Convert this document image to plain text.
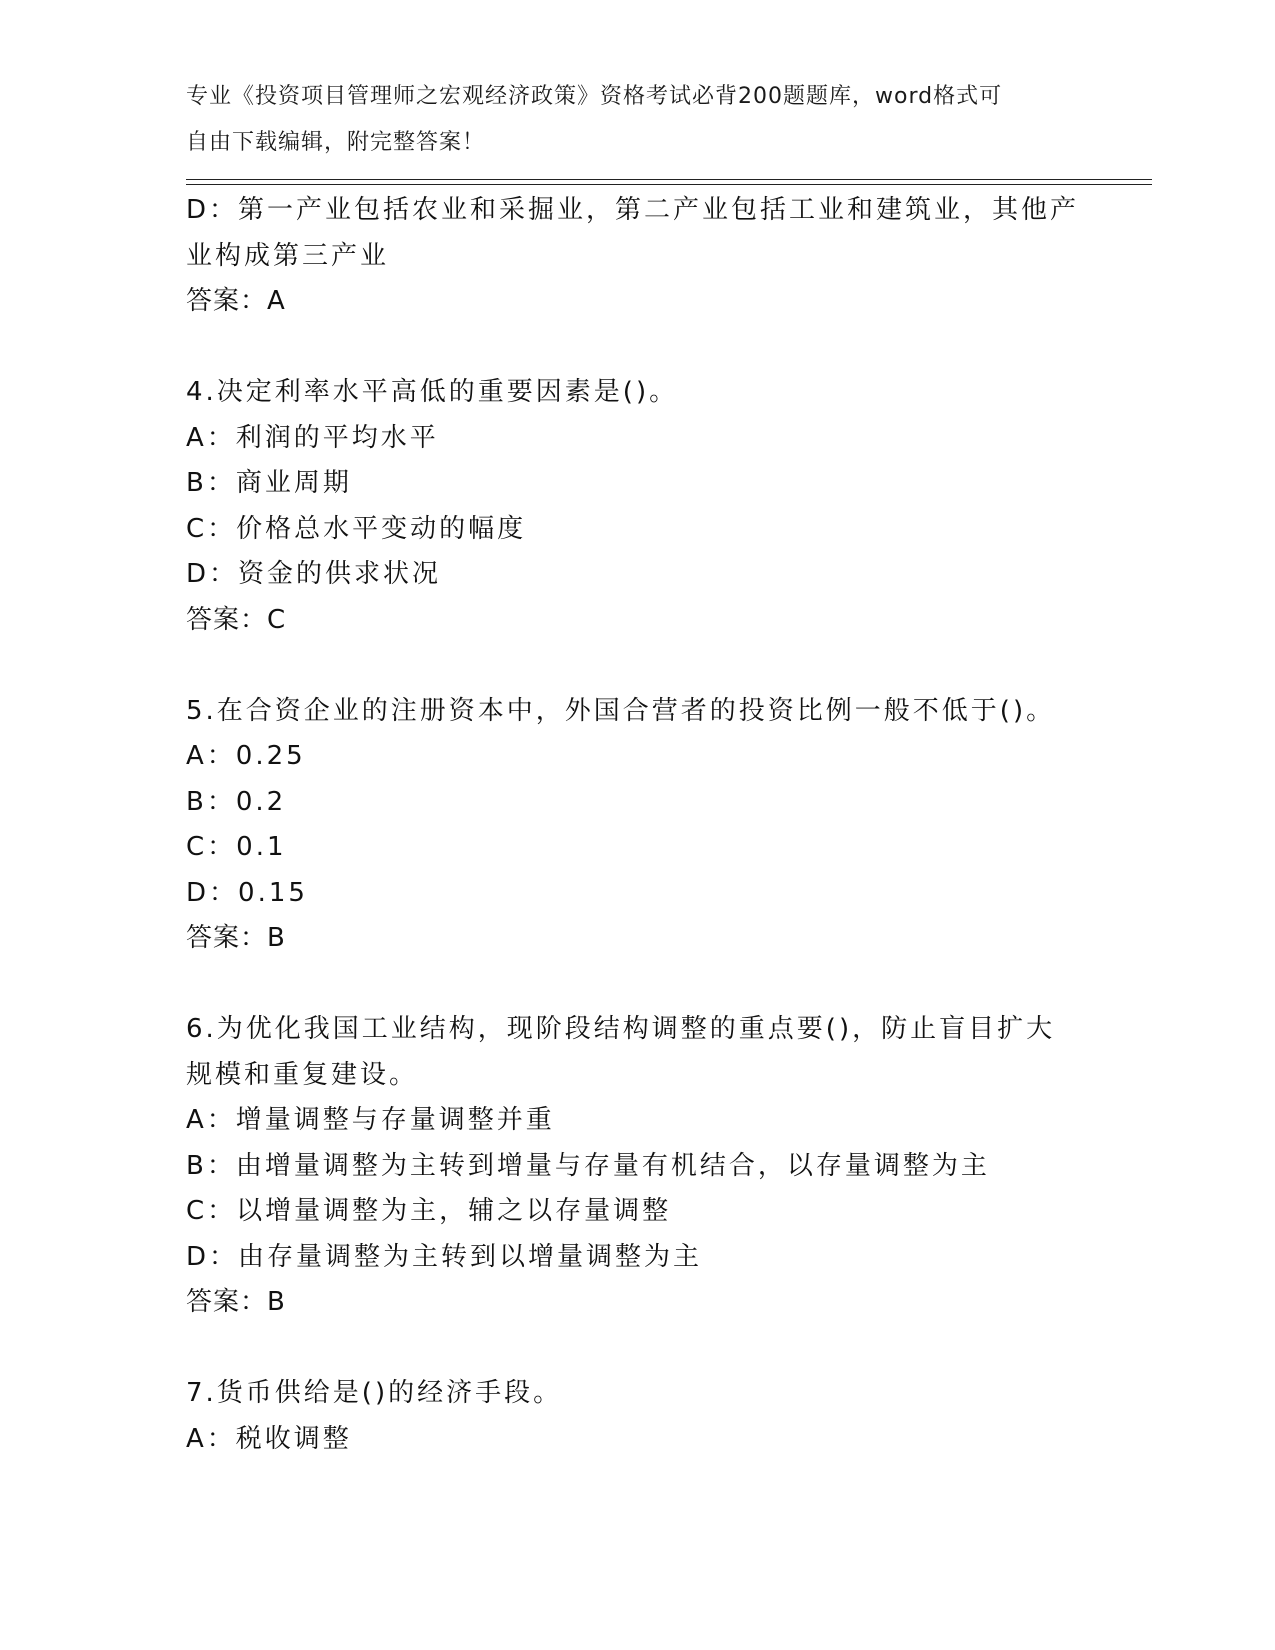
专业《投资项目管理师之宏观经济政策》资格考试必背200题题库，word格式可
自由下载编辑，附完整答案！
D：第一产业包括农业和采掘业，第二产业包括工业和建筑业，其他产
业构成第三产业
答案：A
4.决定利率水平高低的重要因素是()。
A：利润的平均水平
B：商业周期
C：价格总水平变动的幅度
D：资金的供求状况
答案：C
5.在合资企业的注册资本中，外国合营者的投资比例一般不低于()。
A：0.25
B：0.2
C：0.1
D：0.15
答案：B
6.为优化我国工业结构，现阶段结构调整的重点要()，防止盲目扩大
规模和重复建设。
A：增量调整与存量调整并重
B：由增量调整为主转到增量与存量有机结合，以存量调整为主
C：以增量调整为主，辅之以存量调整
D：由存量调整为主转到以增量调整为主
答案：B
7.货币供给是()的经济手段。
A：税收调整
